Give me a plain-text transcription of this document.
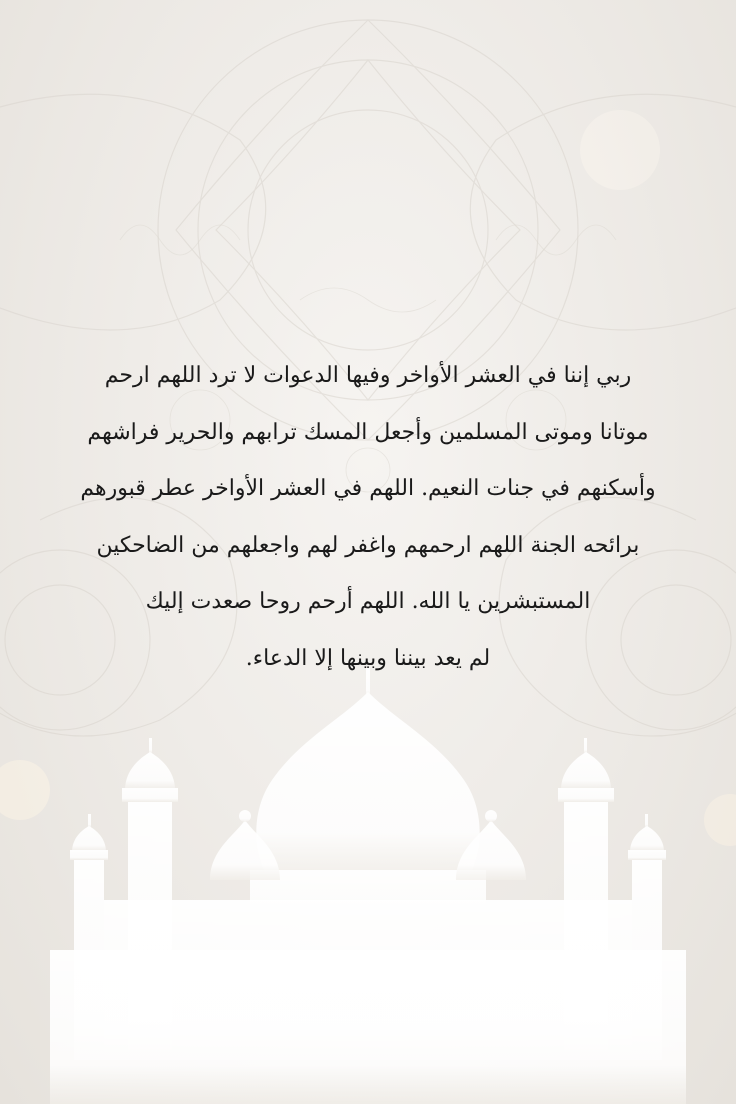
ربي إننا في العشر الأواخر وفيها الدعوات لا ترد اللهم ارحم
موتانا وموتى المسلمين وأجعل المسك ترابهم والحرير فراشهم
وأسكنهم في جنات النعيم. اللهم في العشر الأواخر عطر قبورهم
برائحه الجنة اللهم ارحمهم واغفر لهم واجعلهم من الضاحكين
المستبشرين يا الله. اللهم أرحم روحا صعدت إليك
لم يعد بيننا وبينها إلا الدعاء.
